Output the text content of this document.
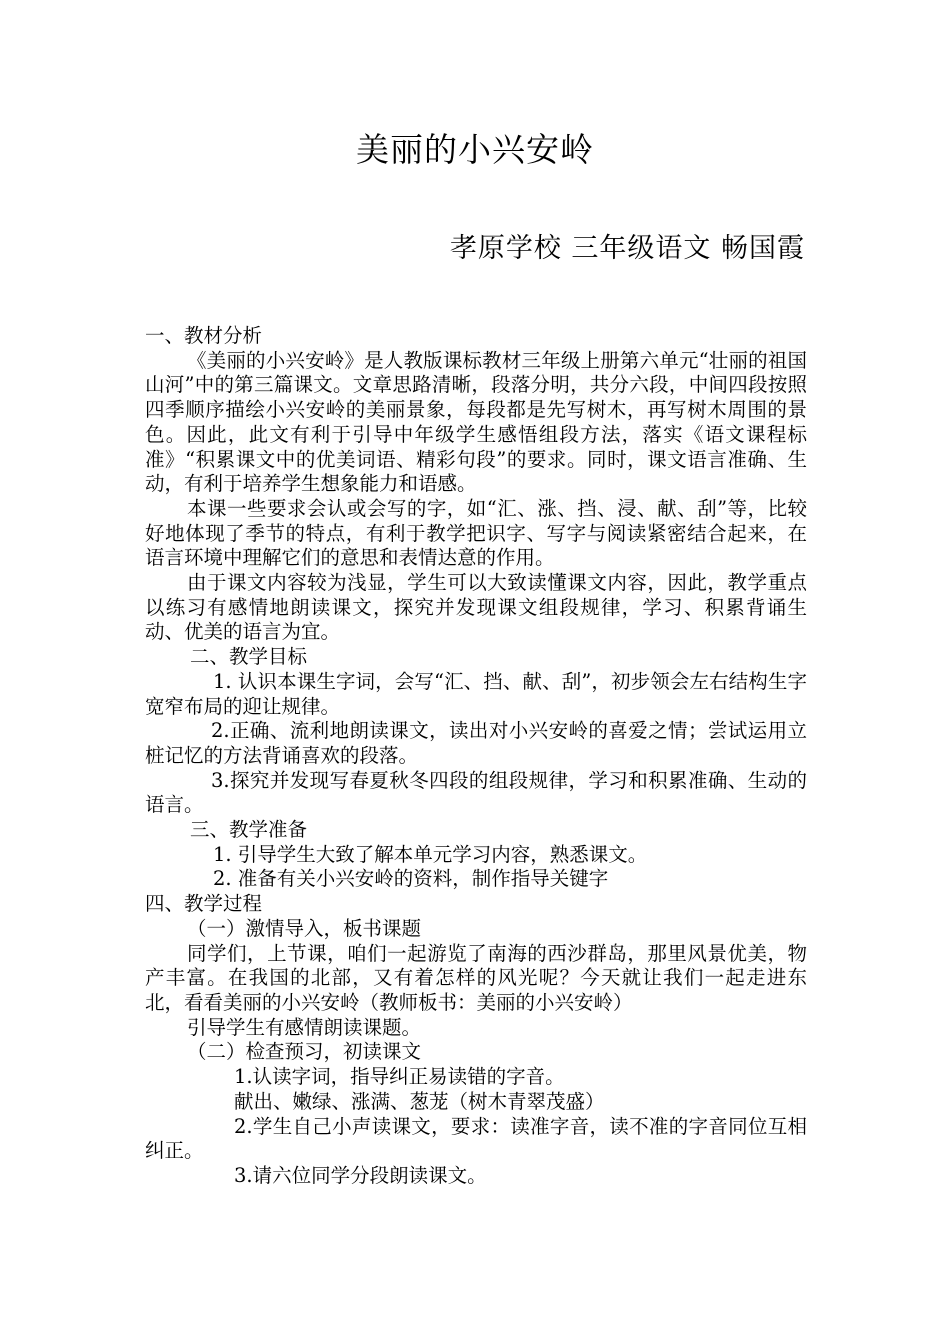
美丽的小兴安岭
孝原学校 三年级语文 畅国霞

一、教材分析

《美丽的小兴安岭》是人教版课标教材三年级上册第六单元“壮丽的祖国山河”中的第三篇课文。文章思路清晰，段落分明，共分六段，中间四段按照四季顺序描绘小兴安岭的美丽景象，每段都是先写树木，再写树木周围的景色。因此，此文有利于引导中年级学生感悟组段方法，落实《语文课程标准》“积累课文中的优美词语、精彩句段”的要求。同时，课文语言准确、生动，有利于培养学生想象能力和语感。

本课一些要求会认或会写的字，如“汇、涨、挡、浸、献、刮”等，比较好地体现了季节的特点，有利于教学把识字、写字与阅读紧密结合起来，在语言环境中理解它们的意思和表情达意的作用。

由于课文内容较为浅显，学生可以大致读懂课文内容，因此，教学重点以练习有感情地朗读课文，探究并发现课文组段规律，学习、积累背诵生动、优美的语言为宜。

二、教学目标

1. 认识本课生字词，会写“汇、挡、献、刮”，初步领会左右结构生字宽窄布局的迎让规律。

2.正确、流利地朗读课文，读出对小兴安岭的喜爱之情；尝试运用立桩记忆的方法背诵喜欢的段落。

3.探究并发现写春夏秋冬四段的组段规律，学习和积累准确、生动的语言。

三、教学准备

1. 引导学生大致了解本单元学习内容，熟悉课文。

2. 准备有关小兴安岭的资料，制作指导关键字

四、教学过程

（一）激情导入，板书课题

同学们，上节课，咱们一起游览了南海的西沙群岛，那里风景优美，物产丰富。在我国的北部，又有着怎样的风光呢？今天就让我们一起走进东北，看看美丽的小兴安岭（教师板书：美丽的小兴安岭）

引导学生有感情朗读课题。

（二）检查预习，初读课文

1.认读字词，指导纠正易读错的字音。

献出、嫩绿、涨满、葱茏（树木青翠茂盛）

2.学生自己小声读课文，要求：读准字音，读不准的字音同位互相纠正。

3.请六位同学分段朗读课文。
